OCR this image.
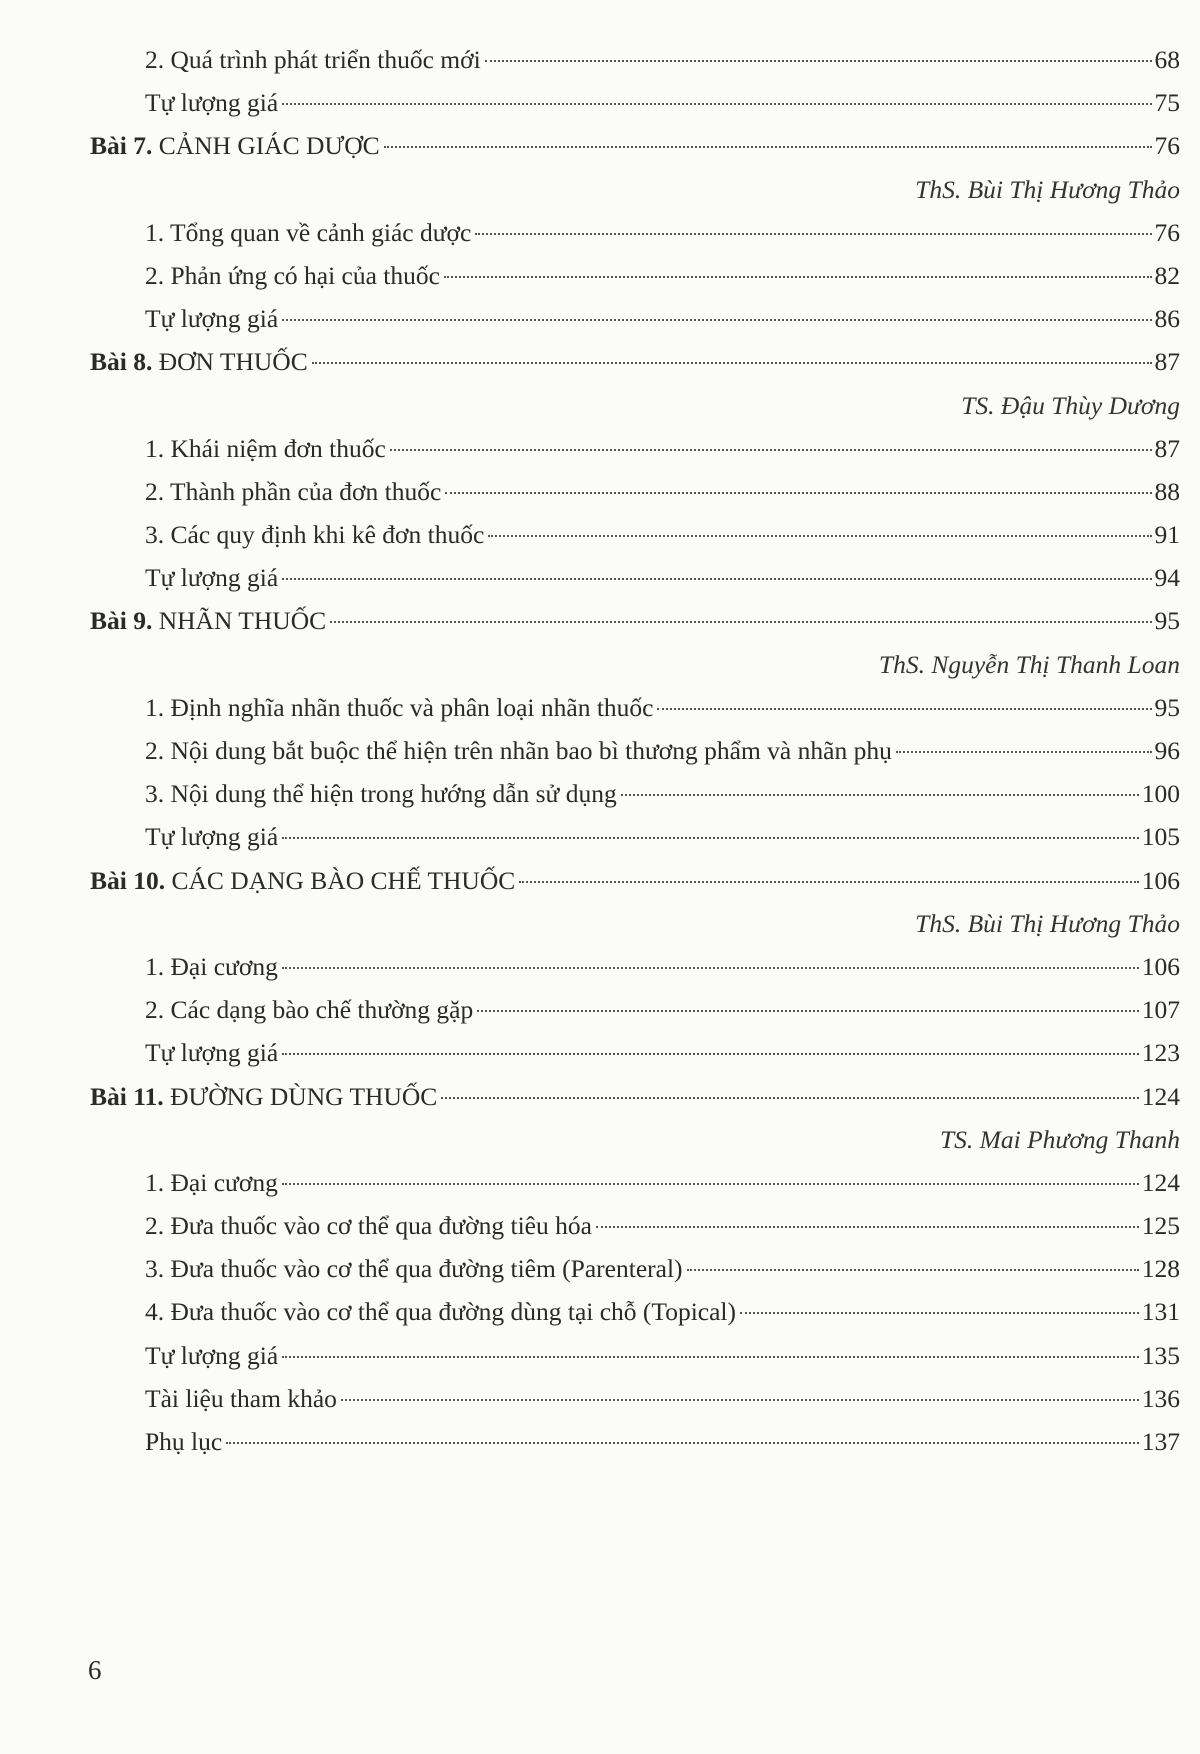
2. Quá trình phát triển thuốc mới	68
Tự lượng giá	75
Bài 7. CẢNH GIÁC DƯỢC	76
ThS. Bùi Thị Hương Thảo
1. Tổng quan về cảnh giác dược	76
2. Phản ứng có hại của thuốc	82
Tự lượng giá	86
Bài 8. ĐƠN THUỐC	87
TS. Đậu Thùy Dương
1. Khái niệm đơn thuốc	87
2. Thành phần của đơn thuốc	88
3. Các quy định khi kê đơn thuốc	91
Tự lượng giá	94
Bài 9. NHÃN THUỐC	95
ThS. Nguyễn Thị Thanh Loan
1. Định nghĩa nhãn thuốc và phân loại nhãn thuốc	95
2. Nội dung bắt buộc thể hiện trên nhãn bao bì thương phẩm và nhãn phụ	96
3. Nội dung thể hiện trong hướng dẫn sử dụng	100
Tự lượng giá	105
Bài 10. CÁC DẠNG BÀO CHẾ THUỐC	106
ThS. Bùi Thị Hương Thảo
1. Đại cương	106
2. Các dạng bào chế thường gặp	107
Tự lượng giá	123
Bài 11. ĐƯỜNG DÙNG THUỐC	124
TS. Mai Phương Thanh
1. Đại cương	124
2. Đưa thuốc vào cơ thể qua đường tiêu hóa	125
3. Đưa thuốc vào cơ thể qua đường tiêm (Parenteral)	128
4. Đưa thuốc vào cơ thể qua đường dùng tại chỗ (Topical)	131
Tự lượng giá	135
Tài liệu tham khảo	136
Phụ lục	137
6
